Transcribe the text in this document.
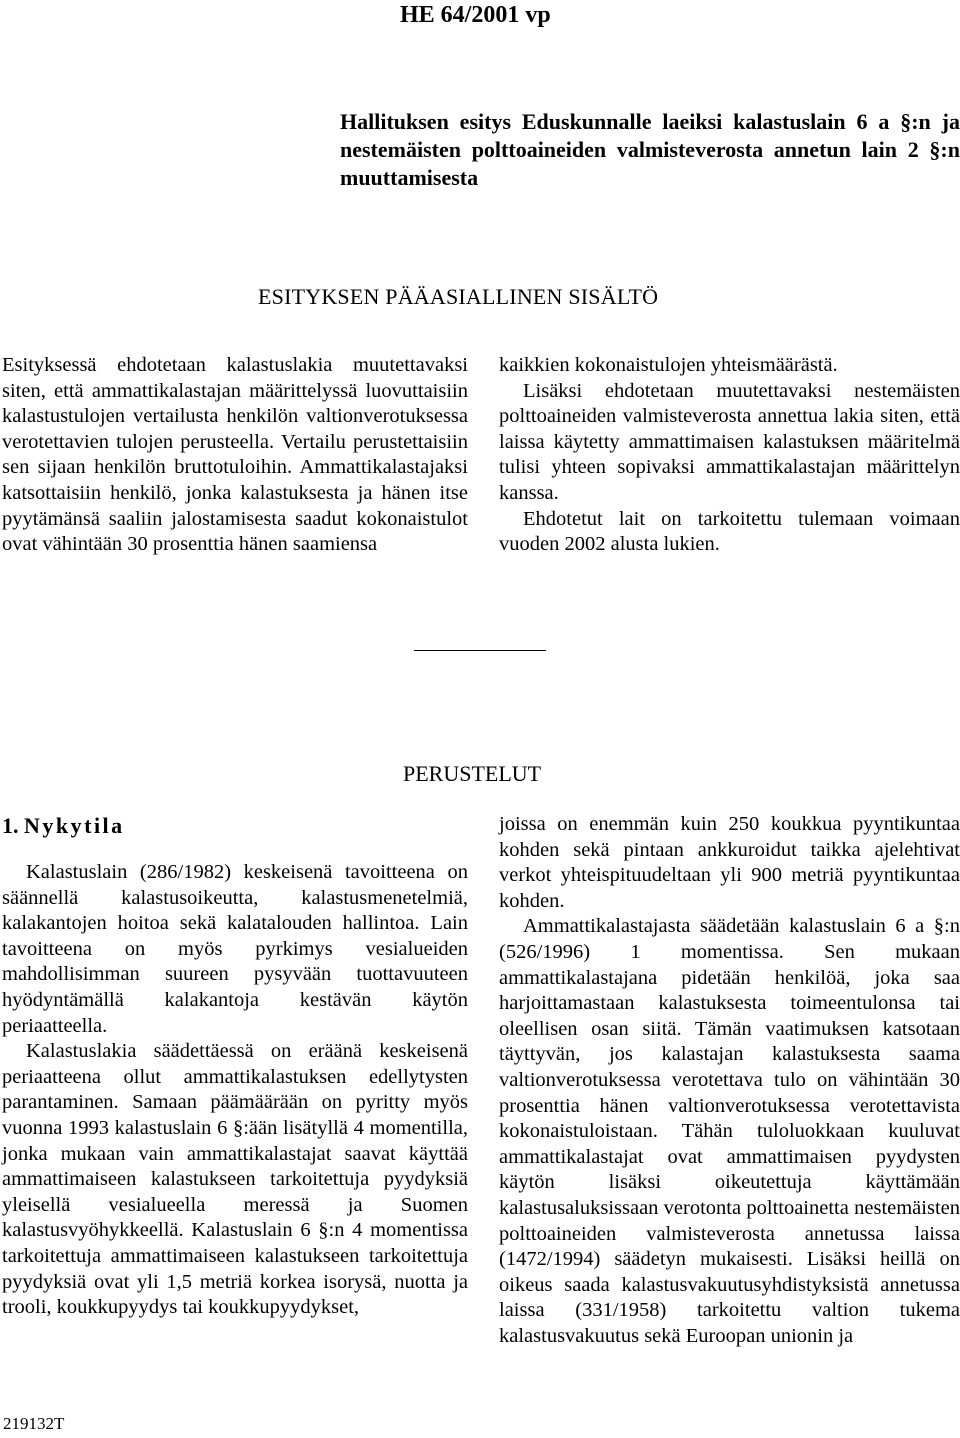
HE 64/2001 vp
Hallituksen esitys Eduskunnalle laeiksi kalastuslain 6 a §:n ja nestemäisten polttoaineiden valmisteverosta annetun lain 2 §:n muuttamisesta
ESITYKSEN PÄÄASIALLINEN SISÄLTÖ

Esityksessä ehdotetaan kalastuslakia muutettavaksi siten, että ammattikalastajan määrittelyssä luovuttaisiin kalastustulojen vertailusta henkilön valtionverotuksessa verotettavien tulojen perusteella. Vertailu perustettaisiin sen sijaan henkilön bruttotuloihin. Ammattikalastajaksi katsottaisiin henkilö, jonka kalastuksesta ja hänen itse pyytämänsä saaliin jalostamisesta saadut kokonaistulot ovat vähintään 30 prosenttia hänen saamiensa

kaikkien kokonaistulojen yhteismäärästä.

Lisäksi ehdotetaan muutettavaksi nestemäisten polttoaineiden valmisteverosta annettua lakia siten, että laissa käytetty ammattimaisen kalastuksen määritelmä tulisi yhteen sopivaksi ammattikalastajan määrittelyn kanssa.

Ehdotetut lait on tarkoitettu tulemaan voimaan vuoden 2002 alusta lukien.

PERUSTELUT
1. Nykytila

Kalastuslain (286/1982) keskeisenä tavoitteena on säännellä kalastusoikeutta, kalastusmenetelmiä, kalakantojen hoitoa sekä kalatalouden hallintoa. Lain tavoitteena on myös pyrkimys vesialueiden mahdollisimman suureen pysyvään tuottavuuteen hyödyntämällä kalakantoja kestävän käytön periaatteella.

Kalastuslakia säädettäessä on eräänä keskeisenä periaatteena ollut ammattikalastuksen edellytysten parantaminen. Samaan päämäärään on pyritty myös vuonna 1993 kalastuslain 6 §:ään lisätyllä 4 momentilla, jonka mukaan vain ammattikalastajat saavat käyttää ammattimaiseen kalastukseen tarkoitettuja pyydyksiä yleisellä vesialueella meressä ja Suomen kalastusvyöhykkeellä. Kalastuslain 6 §:n 4 momentissa tarkoitettuja ammattimaiseen kalastukseen tarkoitettuja pyydyksiä ovat yli 1,5 metriä korkea isorysä, nuotta ja trooli, koukkupyydys tai koukkupyydykset,

joissa on enemmän kuin 250 koukkua pyyntikuntaa kohden sekä pintaan ankkuroidut taikka ajelehtivat verkot yhteispituudeltaan yli 900 metriä pyyntikuntaa kohden.

Ammattikalastajasta säädetään kalastuslain 6 a §:n (526/1996) 1 momentissa. Sen mukaan ammattikalastajana pidetään henkilöä, joka saa harjoittamastaan kalastuksesta toimeentulonsa tai oleellisen osan siitä. Tämän vaatimuksen katsotaan täyttyvän, jos kalastajan kalastuksesta saama valtionverotuksessa verotettava tulo on vähintään 30 prosenttia hänen valtionverotuksessa verotettavista kokonaistuloistaan. Tähän tuloluokkaan kuuluvat ammattikalastajat ovat ammattimaisen pyydysten käytön lisäksi oikeutettuja käyttämään kalastusaluksissaan verotonta polttoainetta nestemäisten polttoaineiden valmisteverosta annetussa laissa (1472/1994) säädetyn mukaisesti. Lisäksi heillä on oikeus saada kalastusvakuutusyhdistyksistä annetussa laissa (331/1958) tarkoitettu valtion tukema kalastusvakuutus sekä Euroopan unionin ja

219132T
